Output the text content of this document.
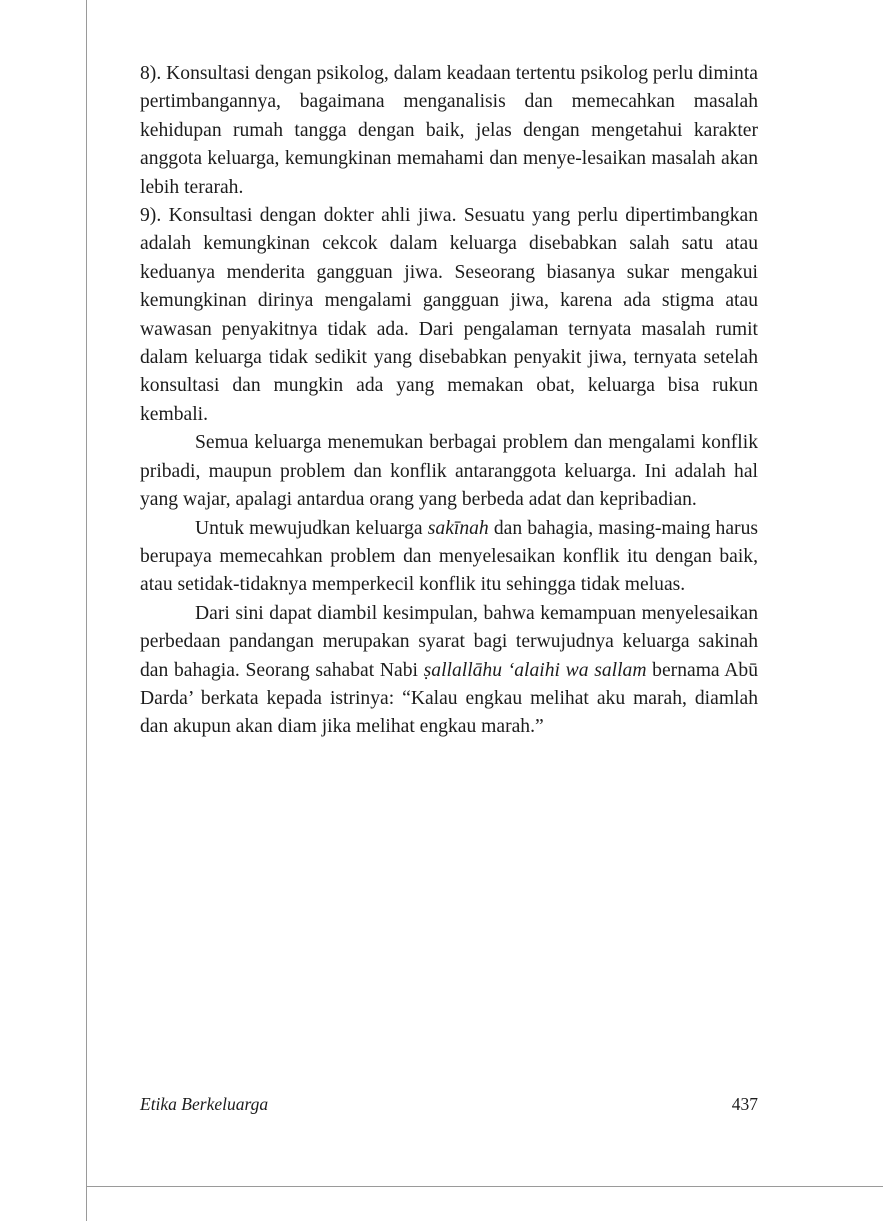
8). Konsultasi dengan psikolog, dalam keadaan tertentu psikolog perlu diminta pertimbangannya, bagaimana menganalisis dan memecahkan masalah kehidupan rumah tangga dengan baik, jelas dengan mengetahui karakter anggota keluarga, kemungkinan memahami dan menye-lesaikan masalah akan lebih terarah.

9). Konsultasi dengan dokter ahli jiwa. Sesuatu yang perlu dipertimbangkan adalah kemungkinan cekcok dalam keluarga disebabkan salah satu atau keduanya menderita gangguan jiwa. Seseorang biasanya sukar mengakui kemungkinan dirinya mengalami gangguan jiwa, karena ada stigma atau wawasan penyakitnya tidak ada. Dari pengalaman ternyata masalah rumit dalam keluarga tidak sedikit yang disebabkan penyakit jiwa, ternyata setelah konsultasi dan mungkin ada yang memakan obat, keluarga bisa rukun kembali.

Semua keluarga menemukan berbagai problem dan mengalami konflik pribadi, maupun problem dan konflik antaranggota keluarga. Ini adalah hal yang wajar, apalagi antardua orang yang berbeda adat dan kepribadian.

Untuk mewujudkan keluarga sakīnah dan bahagia, masing-maing harus berupaya memecahkan problem dan menyelesaikan konflik itu dengan baik, atau setidak-tidaknya memperkecil konflik itu sehingga tidak meluas.

Dari sini dapat diambil kesimpulan, bahwa kemampuan menyelesaikan perbedaan pandangan merupakan syarat bagi terwujudnya keluarga sakinah dan bahagia. Seorang sahabat Nabi ṣallallāhu ‘alaihi wa sallam bernama Abū Darda’ berkata kepada istrinya: “Kalau engkau melihat aku marah, diamlah dan akupun akan diam jika melihat engkau marah.”

Etika Berkeluarga	437
